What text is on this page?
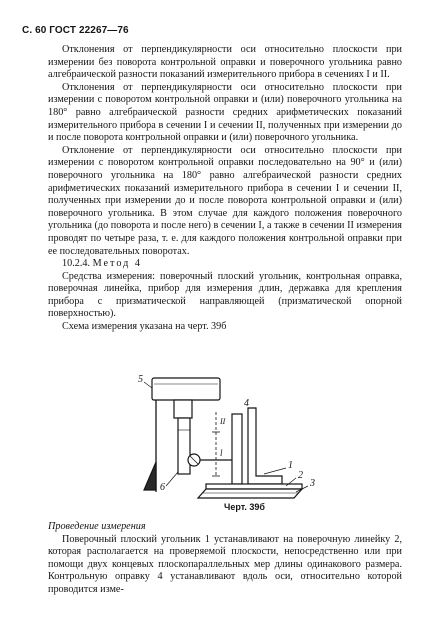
С. 60 ГОСТ 22267—76

Отклонения от перпендикулярности оси относительно плоскости при измерении без поворота контрольной оправки и поверочного угольника равно алгебраической разности показаний измерительного прибора в сечениях I и II.

Отклонения от перпендикулярности оси относительно плоскости при измерении с поворотом контрольной оправки и (или) поверочного угольника на 180° равно алгебраической разности средних арифметических показаний измерительного прибора в сечении I и сечении II, полученных при измерении до и после поворота контрольной оправки и (или) поверочного угольника.

Отклонение от перпендикулярности оси относительно плоскости при измерении с поворотом контрольной оправки последовательно на 90° и (или) поверочного угольника на 180° равно алгебраической разности средних арифметических показаний измерительного прибора в сечении I и сечении II, полученных при измерении до и после поворота контрольной оправки и (или) поверочного угольника. В этом случае для каждого положения поверочного угольника (до поворота и после него) в сечении I, а также в сечении II измерения проводят по четыре раза, т. е. для каждого положения контрольной оправки при ее последовательных поворотах.

10.2.4. Метод 4

Средства измерения: поверочный плоский угольник, контрольная оправка, поверочная линейка, прибор для измерения длин, державка для крепления прибора с призматической направляющей (призматической опорной поверхностью).

Схема измерения указана на черт. 39б

5
1
2
3
6
4
II
l
Черт. 39б

Проведение измерения

Поверочный плоский угольник 1 устанавливают на поверочную линейку 2, которая располагается на проверяемой плоскости, непосредственно или при помощи двух концевых плоскопараллельных мер длины одинакового размера. Контрольную оправку 4 устанавливают вдоль оси, относительно которой проводится изме-
